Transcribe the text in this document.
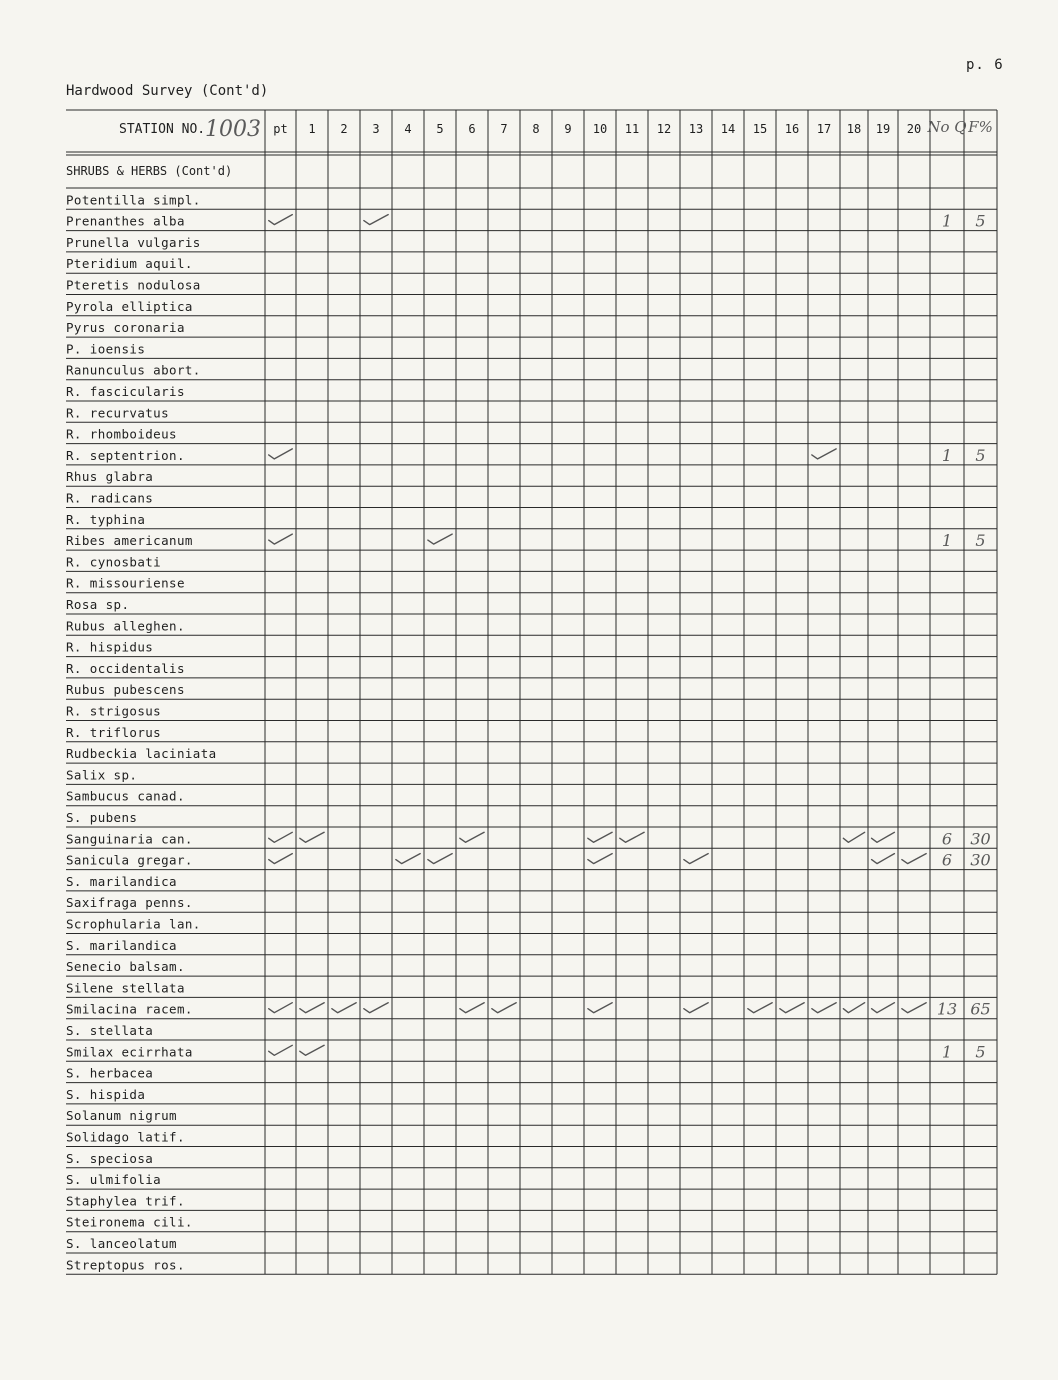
p. 6
Hardwood Survey (Cont'd)
STATION NO. 1003 pt 1 2 3 4 5 6 7 8 9 10 11 12 13 14 15 16 17 18 19 20 No Q F%
SHRUBS & HERBS (Cont'd)
Potentilla simpl.
Prenanthes alba
Prunella vulgaris
Pteridium aquil.
Pteretis nodulosa
Pyrola elliptica
Pyrus coronaria
P. ioensis
Ranunculus abort.
R. fascicularis
R. recurvatus
R. rhomboideus
R. septentrion.
Rhus glabra
R. radicans
R. typhina
Ribes americanum
R. cynosbati
R. missouriense
Rosa sp.
Rubus alleghen.
R. hispidus
R. occidentalis
Rubus pubescens
R. strigosus
R. triflorus
Rudbeckia laciniata
Salix sp.
Sambucus canad.
S. pubens
Sanguinaria can.
Sanicula gregar.
S. marilandica
Saxifraga penns.
Scrophularia lan.
S. marilandica
Senecio balsam.
Silene stellata
Smilacina racem.
S. stellata
Smilax ecirrhata
S. herbacea
S. hispida
Solanum nigrum
Solidago latif.
S. speciosa
S. ulmifolia
Staphylea trif.
Steironema cili.
S. lanceolatum
Streptopus ros.
1 5
1 5
1 5
6 30
6 30
13 65
1 5
